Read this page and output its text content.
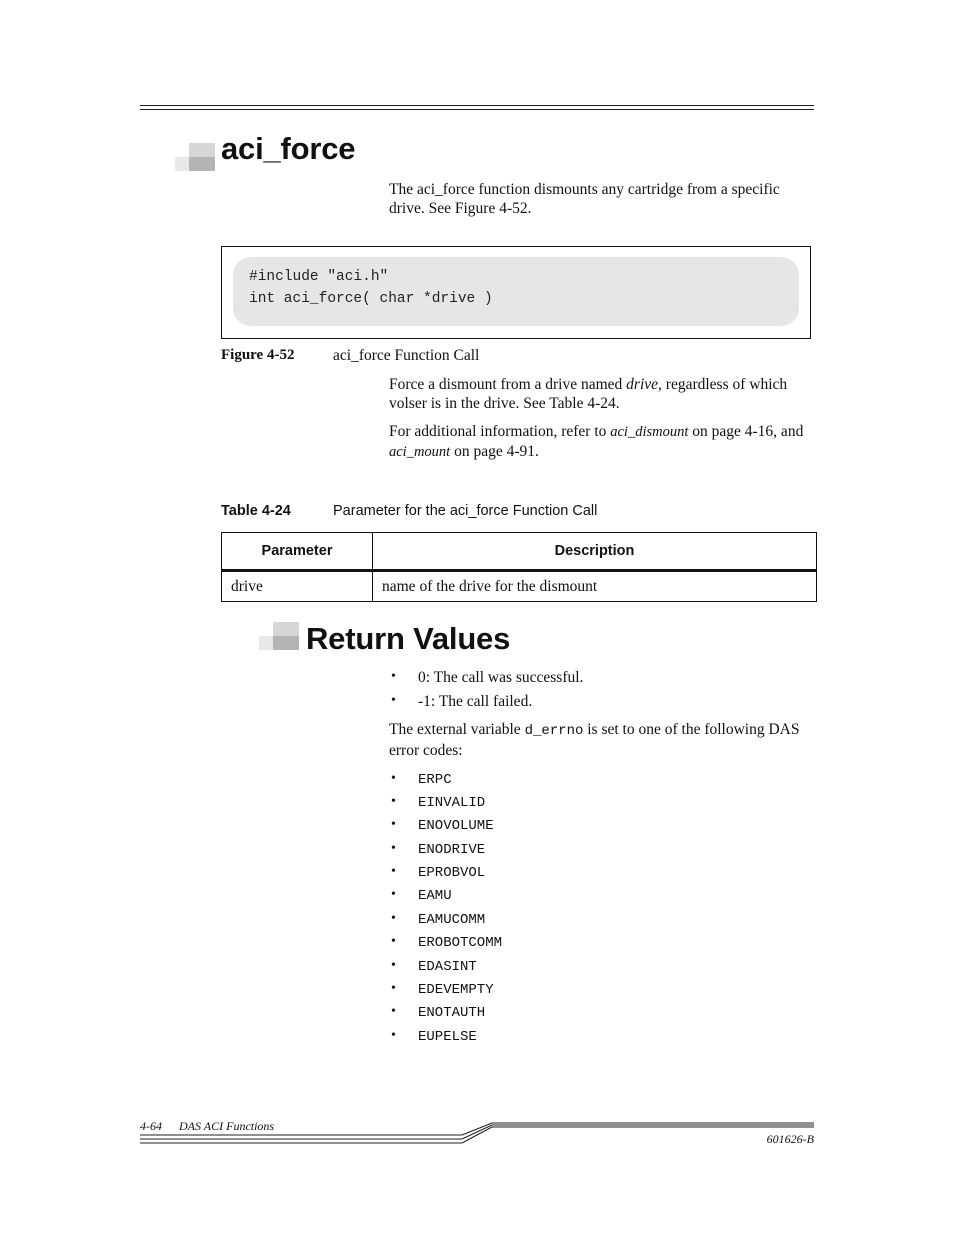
aci_force
The aci_force function dismounts any cartridge from a specific drive. See Figure 4-52.
#include "aci.h"
int aci_force( char *drive )
Figure 4-52 aci_force Function Call
Force a dismount from a drive named drive, regardless of which volser is in the drive. See Table 4-24.
For additional information, refer to aci_dismount on page 4-16, and aci_mount on page 4-91.
Table 4-24	Parameter for the aci_force Function Call
Parameter	Description
drive	name of the drive for the dismount
Return Values
• 0: The call was successful.
• -1: The call failed.
The external variable d_errno is set to one of the following DAS error codes:
• ERPC
• EINVALID
• ENOVOLUME
• ENODRIVE
• EPROBVOL
• EAMU
• EAMUCOMM
• EROBOTCOMM
• EDASINT
• EDEVEMPTY
• ENOTAUTH
• EUPELSE
4-64 DAS ACI Functions
601626-B
